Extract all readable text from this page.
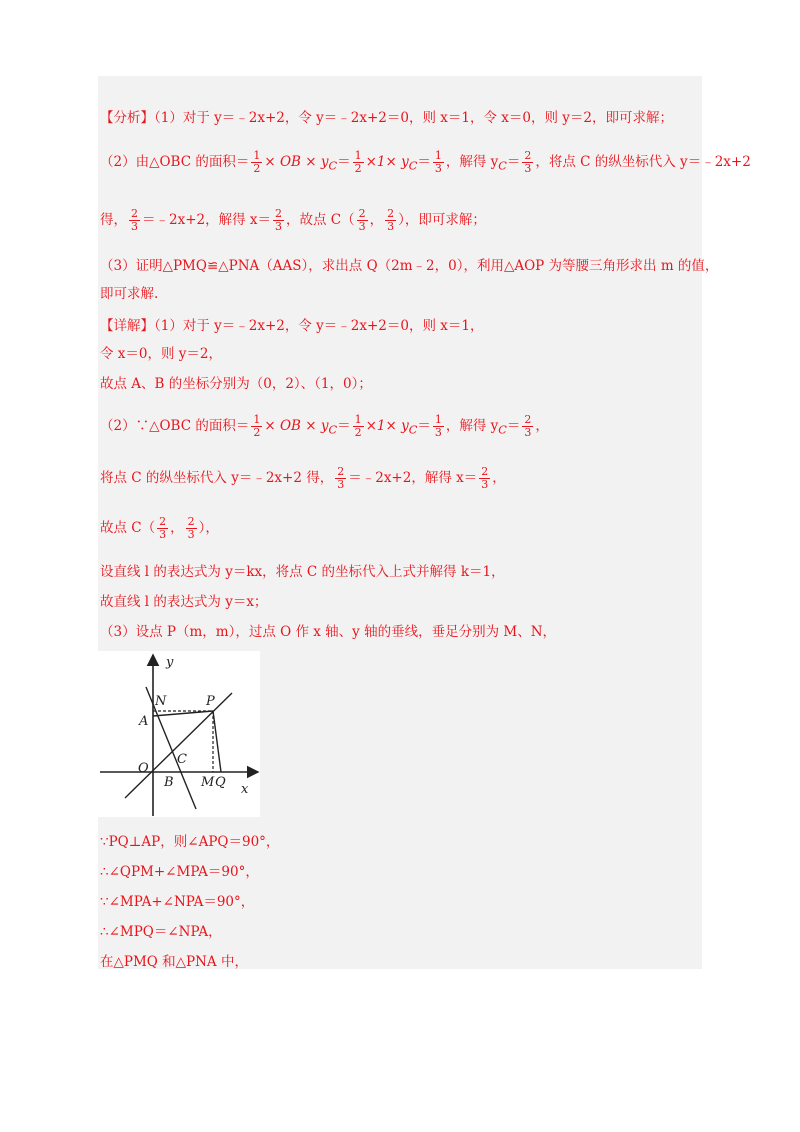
【分析】（1）对于 y＝﹣2x+2，令 y＝﹣2x+2＝0，则 x＝1，令 x＝0，则 y＝2，即可求解；
（2）由△OBC 的面积＝ $\frac{1}{2}$ × OB × $y_C= \frac{1}{2} \times 1\times y_C= \frac{1}{3}$ ，解得 $y_C= \frac{2}{3}$ ，将点 C 的纵坐标代入 y＝﹣2x+2
得， $\frac{2}{3}$ ＝﹣2x+2，解得 $x= \frac{2}{3}$ ，故点 $C( \frac{2}{3}$ ， $\frac{2}{3}$ ），即可求解；
（3）证明△PMQ≌△PNA（AAS），求出点 Q（2m﹣2，0），利用△AOP 为等腰三角形求出 m 的值，
即可求解.
【详解】（1）对于 y＝﹣2x+2，令 y＝﹣2x+2＝0，则 x＝1，
令 x＝0，则 y＝2，
故点 A、B 的坐标分别为（0，2）、（1，0）；
（2）∵△OBC 的面积＝ $\frac{1}{2}$ × OB × $y_C= \frac{1}{2} \times 1\times y_C= \frac{1}{3}$ ，解得 $y_C= \frac{2}{3}$ ，
将点 C 的纵坐标代入 y＝﹣2x+2 得， $\frac{2}{3}$ ＝﹣2x+2，解得 $x= \frac{2}{3}$ ，
故点 $C( \frac{2}{3}$ ， $\frac{2}{3}$ ），
设直线 l 的表达式为 y＝kx，将点 C 的坐标代入上式并解得 k＝1，
故直线 l 的表达式为 y＝x；
（3）设点 P（m，m），过点 O 作 x 轴、y 轴的垂线，垂足分别为 M、N，
y
x
N	P
A
C
O
B M Q
∵PQ⊥AP，则∠APQ＝90°，
∴∠QPM+∠MPA＝90°，
∵∠MPA+∠NPA＝90°，
∴∠MPQ＝∠NPA，
在△PMQ 和△PNA 中，
